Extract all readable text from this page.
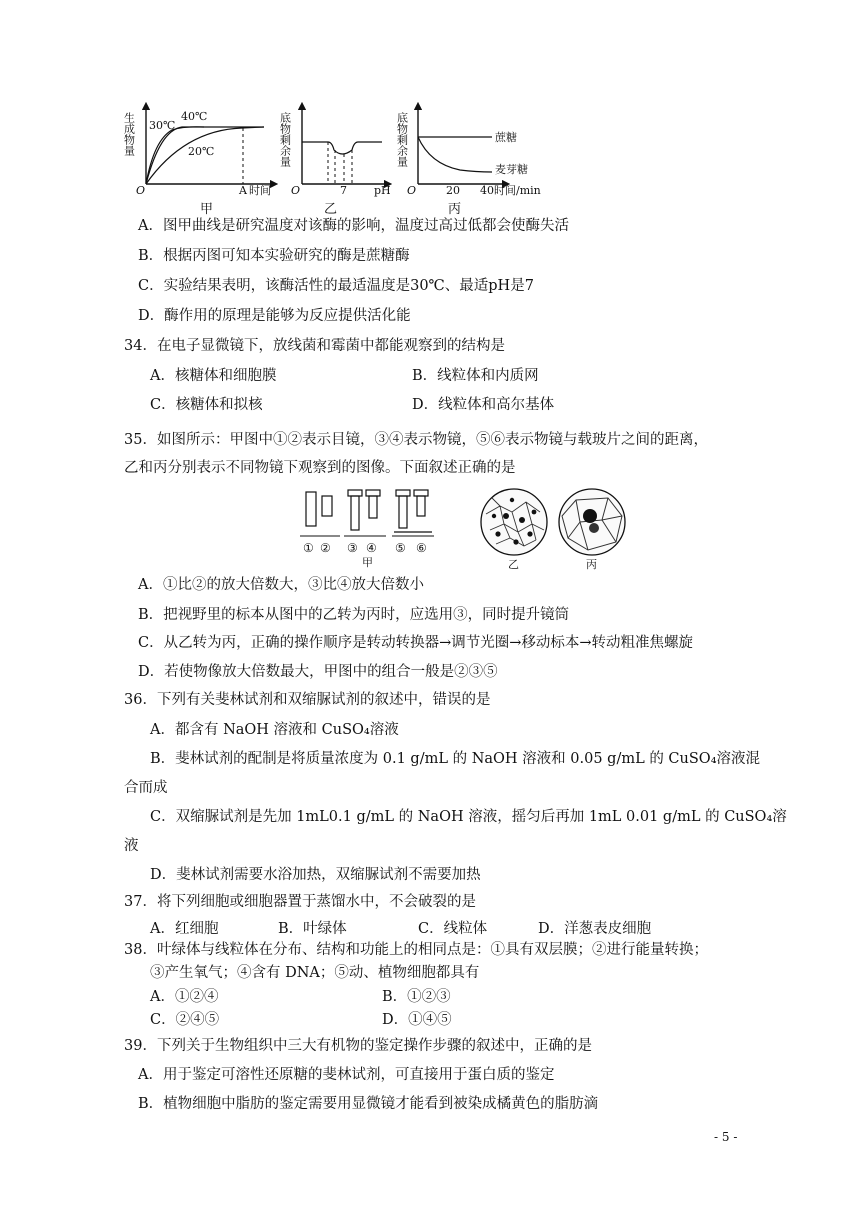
生成物量	40℃
30℃
20℃
O	A 时间
甲
底物剩余量
O	7 pH
乙
底物剩余量	蔗糖
麦芽糖
O	20 40 时间/min
丙
A．图甲曲线是研究温度对该酶的影响，温度过高过低都会使酶失活
B．根据丙图可知本实验研究的酶是蔗糖酶
C．实验结果表明，该酶活性的最适温度是30℃、最适pH是7
D．酶作用的原理是能够为反应提供活化能
34．在电子显微镜下，放线菌和霉菌中都能观察到的结构是
A．核糖体和细胞膜	B．线粒体和内质网
C．核糖体和拟核	D．线粒体和高尔基体
35．如图所示：甲图中①②表示目镜，③④表示物镜，⑤⑥表示物镜与载玻片之间的距离，
乙和丙分别表示不同物镜下观察到的图像。下面叙述正确的是
① ② ③ ④ ⑤ ⑥
甲	乙	丙
A．①比②的放大倍数大，③比④放大倍数小
B．把视野里的标本从图中的乙转为丙时，应选用③，同时提升镜筒
C．从乙转为丙，正确的操作顺序是转动转换器→调节光圈→移动标本→转动粗准焦螺旋
D．若使物像放大倍数最大，甲图中的组合一般是②③⑤
36．下列有关斐林试剂和双缩脲试剂的叙述中，错误的是
A．都含有 NaOH 溶液和 CuSO₄溶液
B．斐林试剂的配制是将质量浓度为 0.1 g/mL 的 NaOH 溶液和 0.05 g/mL 的 CuSO₄溶液混
合而成
C．双缩脲试剂是先加 1mL0.1 g/mL 的 NaOH 溶液，摇匀后再加 1mL 0.01 g/mL 的 CuSO₄溶
液
D．斐林试剂需要水浴加热，双缩脲试剂不需要加热
37．将下列细胞或细胞器置于蒸馏水中，不会破裂的是
A．红细胞	B．叶绿体	C．线粒体	D．洋葱表皮细胞
38．叶绿体与线粒体在分布、结构和功能上的相同点是：①具有双层膜；②进行能量转换；
③产生氧气；④含有 DNA；⑤动、植物细胞都具有
A．①②④	B．①②③
C．②④⑤	D．①④⑤
39．下列关于生物组织中三大有机物的鉴定操作步骤的叙述中，正确的是
A．用于鉴定可溶性还原糖的斐林试剂，可直接用于蛋白质的鉴定
B．植物细胞中脂肪的鉴定需要用显微镜才能看到被染成橘黄色的脂肪滴
- 5 -
